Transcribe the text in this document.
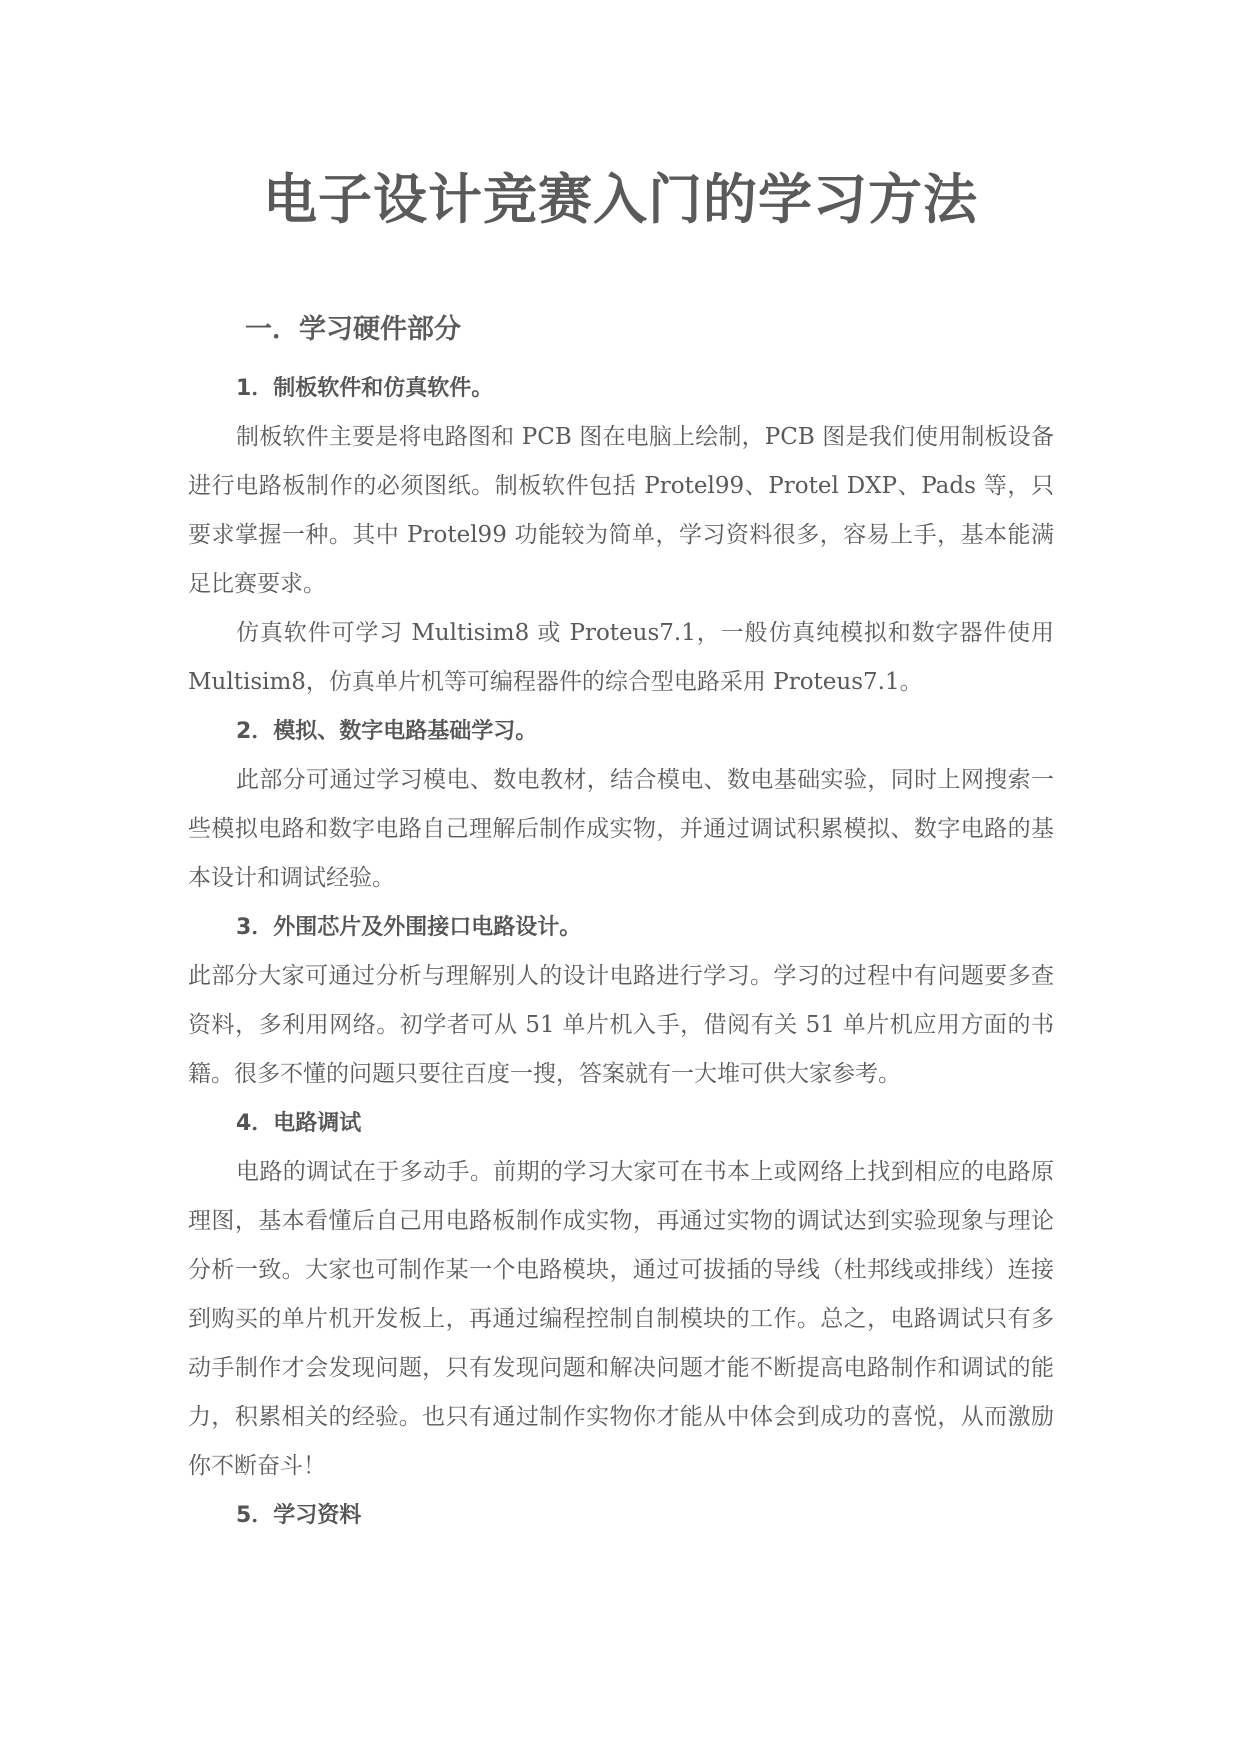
电子设计竞赛入门的学习方法
一．学习硬件部分

1．制板软件和仿真软件。

制板软件主要是将电路图和 PCB 图在电脑上绘制，PCB 图是我们使用制板设备进行电路板制作的必须图纸。制板软件包括 Protel99、Protel DXP、Pads 等，只要求掌握一种。其中 Protel99 功能较为简单，学习资料很多，容易上手，基本能满足比赛要求。

仿真软件可学习 Multisim8 或 Proteus7.1，一般仿真纯模拟和数字器件使用 Multisim8，仿真单片机等可编程器件的综合型电路采用 Proteus7.1。

2．模拟、数字电路基础学习。

此部分可通过学习模电、数电教材，结合模电、数电基础实验，同时上网搜索一些模拟电路和数字电路自己理解后制作成实物，并通过调试积累模拟、数字电路的基本设计和调试经验。

3．外围芯片及外围接口电路设计。

此部分大家可通过分析与理解别人的设计电路进行学习。学习的过程中有问题要多查资料，多利用网络。初学者可从 51 单片机入手，借阅有关 51 单片机应用方面的书籍。很多不懂的问题只要往百度一搜，答案就有一大堆可供大家参考。

4．电路调试

电路的调试在于多动手。前期的学习大家可在书本上或网络上找到相应的电路原理图，基本看懂后自己用电路板制作成实物，再通过实物的调试达到实验现象与理论分析一致。大家也可制作某一个电路模块，通过可拔插的导线（杜邦线或排线）连接到购买的单片机开发板上，再通过编程控制自制模块的工作。总之，电路调试只有多动手制作才会发现问题，只有发现问题和解决问题才能不断提高电路制作和调试的能力，积累相关的经验。也只有通过制作实物你才能从中体会到成功的喜悦，从而激励你不断奋斗！

5．学习资料
